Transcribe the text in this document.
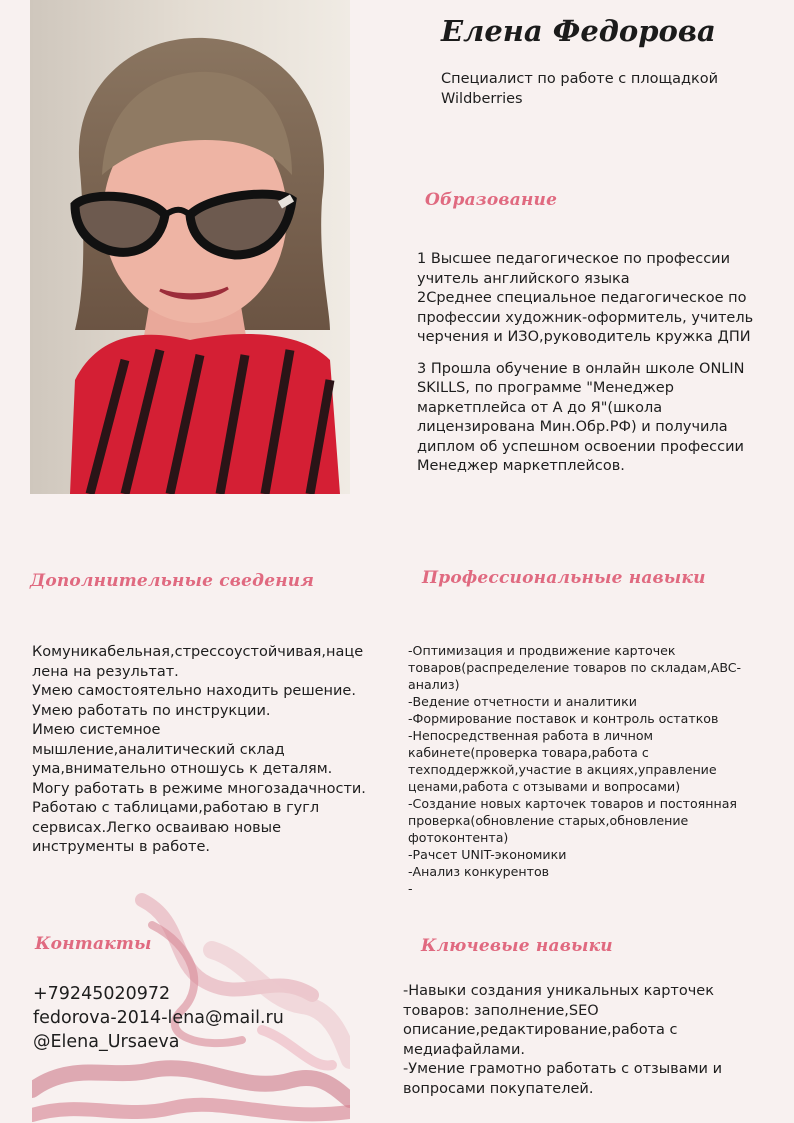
Елена Федорова

Специалист по работе с площадкой Wildberries

Образование
1 Высшее педагогическое по профессии
учитель английского языка
2Среднее специальное педагогическое по
профессии художник-оформитель, учитель
черчения и ИЗО,руководитель кружка ДПИ
3 Прошла обучение в онлайн школе ONLIN
SKILLS, по программе "Менеджер
маркетплейса от А до Я"(школа
лицензирована Мин.Обр.РФ) и получила
диплом об успешном освоении профессии
Менеджер маркетплейсов.
Дополнительные сведения
Комуникабельная,стрессоустойчивая,наце
лена на результат.
Умею самостоятельно находить решение.
Умею работать по инструкции.
Имею системное
мышление,аналитический склад
ума,внимательно отношусь к деталям.
Могу работать в режиме многозадачности.
Работаю с таблицами,работаю в гугл
сервисах.Легко осваиваю новые
инструменты в работе.
Профессиональные навыки
-Оптимизация и продвижение карточек
товаров(распределение товаров по складам,ABC-
анализ)
-Ведение отчетности и аналитики
-Формирование поставок и контроль остатков
-Непосредственная работа в личном
кабинете(проверка товара,работа с
техподдержкой,участие в акциях,управление
ценами,работа с отзывами и вопросами)
-Создание новых карточек товаров и постоянная
проверка(обновление старых,обновление
фотоконтента)
-Рачсет UNIT-экономики
-Анализ конкурентов
-
Контакты
+79245020972
fedorova-2014-lena@mail.ru
@Elena_Ursaeva
Ключевые навыки
-Навыки создания уникальных карточек
товаров: заполнение,SEO
описание,редактирование,работа с
медиафайлами.
-Умение грамотно работать с отзывами и
вопросами покупателей.
